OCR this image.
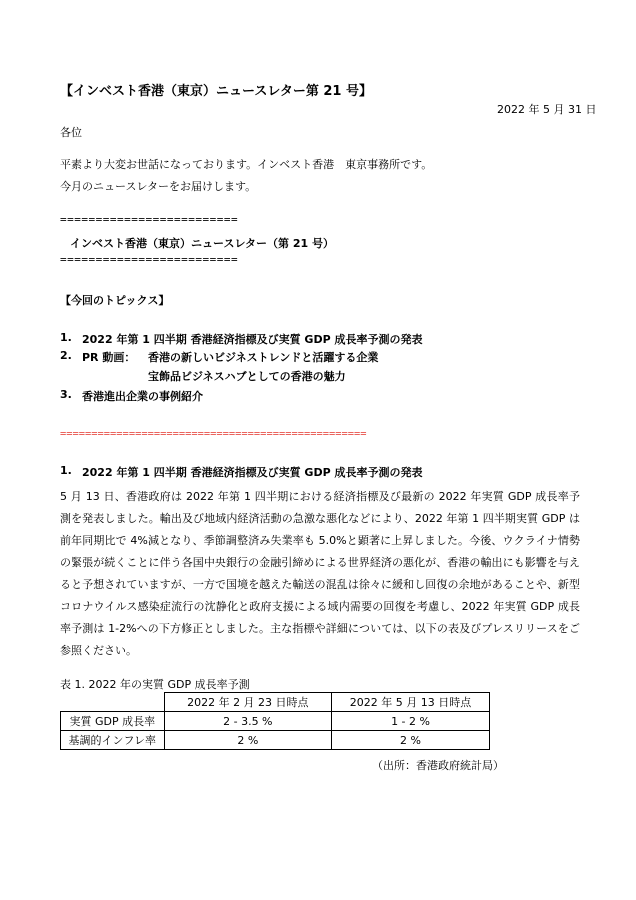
【インベスト香港（東京）ニュースレター第 21 号】
2022 年 5 月 31 日
各位
平素より大変お世話になっております。インベスト香港　東京事務所です。
今月のニュースレターをお届けします。
=========================
インベスト香港（東京）ニュースレター（第 21 号）
=========================
【今回のトピックス】
1. 2022 年第 1 四半期 香港経済指標及び実質 GDP 成長率予測の発表
2. PR 動画： 香港の新しいビジネストレンドと活躍する企業
宝飾品ビジネスハブとしての香港の魅力
3. 香港進出企業の事例紹介
=================================================
1. 2022 年第 1 四半期 香港経済指標及び実質 GDP 成長率予測の発表

5 月 13 日、香港政府は 2022 年第 1 四半期における経済指標及び最新の 2022 年実質 GDP 成長率予測を発表しました。輸出及び地域内経済活動の急激な悪化などにより、2022 年第 1 四半期実質 GDP は前年同期比で 4%減となり、季節調整済み失業率も 5.0%と顕著に上昇しました。今後、ウクライナ情勢の緊張が続くことに伴う各国中央銀行の金融引締めによる世界経済の悪化が、香港の輸出にも影響を与えると予想されていますが、一方で国境を越えた輸送の混乱は徐々に緩和し回復の余地があることや、新型コロナウイルス感染症流行の沈静化と政府支援による域内需要の回復を考慮し、2022 年実質 GDP 成長率予測は 1-2%への下方修正としました。主な指標や詳細については、以下の表及びプレスリリースをご参照ください。

表 1. 2022 年の実質 GDP 成長率予測
	2022 年 2 月 23 日時点	2022 年 5 月 13 日時点
実質 GDP 成長率	2 - 3.5 %	1 - 2 %
基調的インフレ率	2 %	2 %
（出所：香港政府統計局）
